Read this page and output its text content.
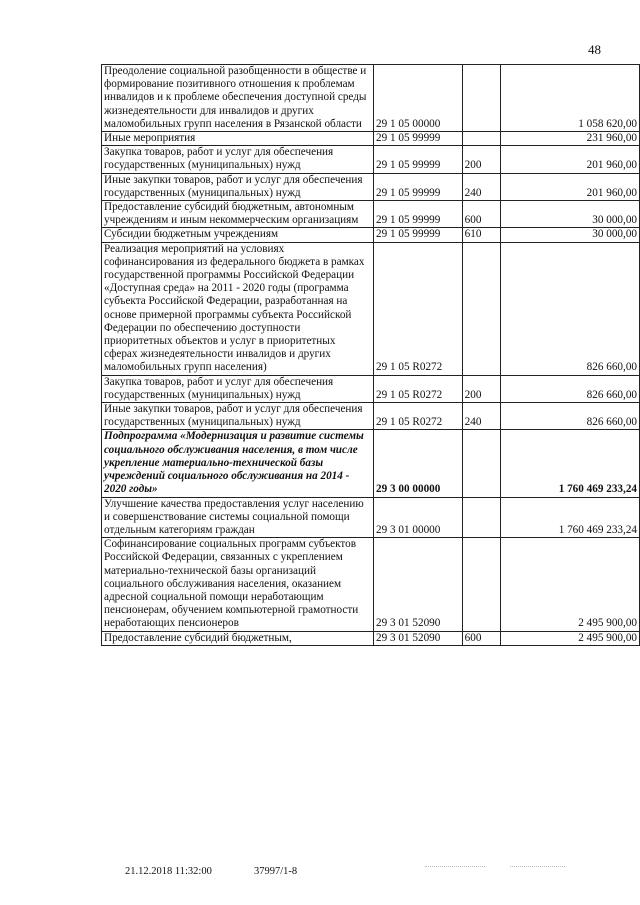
48
Преодоление социальной разобщенности в обществе и формирование позитивного отношения к проблемам инвалидов и к проблеме обеспечения доступной среды жизнедеятельности для инвалидов и других маломобильных групп населения в Рязанской области	29 1 05 00000		1 058 620,00
Иные мероприятия	29 1 05 99999		231 960,00
Закупка товаров, работ и услуг для обеспечения государственных (муниципальных) нужд	29 1 05 99999	200	201 960,00
Иные закупки товаров, работ и услуг для обеспечения государственных (муниципальных) нужд	29 1 05 99999	240	201 960,00
Предоставление субсидий бюджетным, автономным учреждениям и иным некоммерческим организациям	29 1 05 99999	600	30 000,00
Субсидии бюджетным учреждениям	29 1 05 99999	610	30 000,00
Реализация мероприятий на условиях софинансирования из федерального бюджета в рамках государственной программы Российской Федерации «Доступная среда» на 2011 - 2020 годы (программа субъекта Российской Федерации, разработанная на основе примерной программы субъекта Российской Федерации по обеспечению доступности приоритетных объектов и услуг в приоритетных сферах жизнедеятельности инвалидов и других маломобильных групп населения)	29 1 05 R0272		826 660,00
Закупка товаров, работ и услуг для обеспечения государственных (муниципальных) нужд	29 1 05 R0272	200	826 660,00
Иные закупки товаров, работ и услуг для обеспечения государственных (муниципальных) нужд	29 1 05 R0272	240	826 660,00
Подпрограмма «Модернизация и развитие системы социального обслуживания населения, в том числе укрепление материально-технической базы учреждений социального обслуживания на 2014 - 2020 годы»	29 3 00 00000		1 760 469 233,24
Улучшение качества предоставления услуг населению и совершенствование системы социальной помощи отдельным категориям граждан	29 3 01 00000		1 760 469 233,24
Софинансирование социальных программ субъектов Российской Федерации, связанных с укреплением материально-технической базы организаций социального обслуживания населения, оказанием адресной социальной помощи неработающим пенсионерам, обучением компьютерной грамотности неработающих пенсионеров	29 3 01 52090		2 495 900,00
Предоставление субсидий бюджетным,	29 3 01 52090	600	2 495 900,00
21.12.2018 11:32:00	37997/1-8
